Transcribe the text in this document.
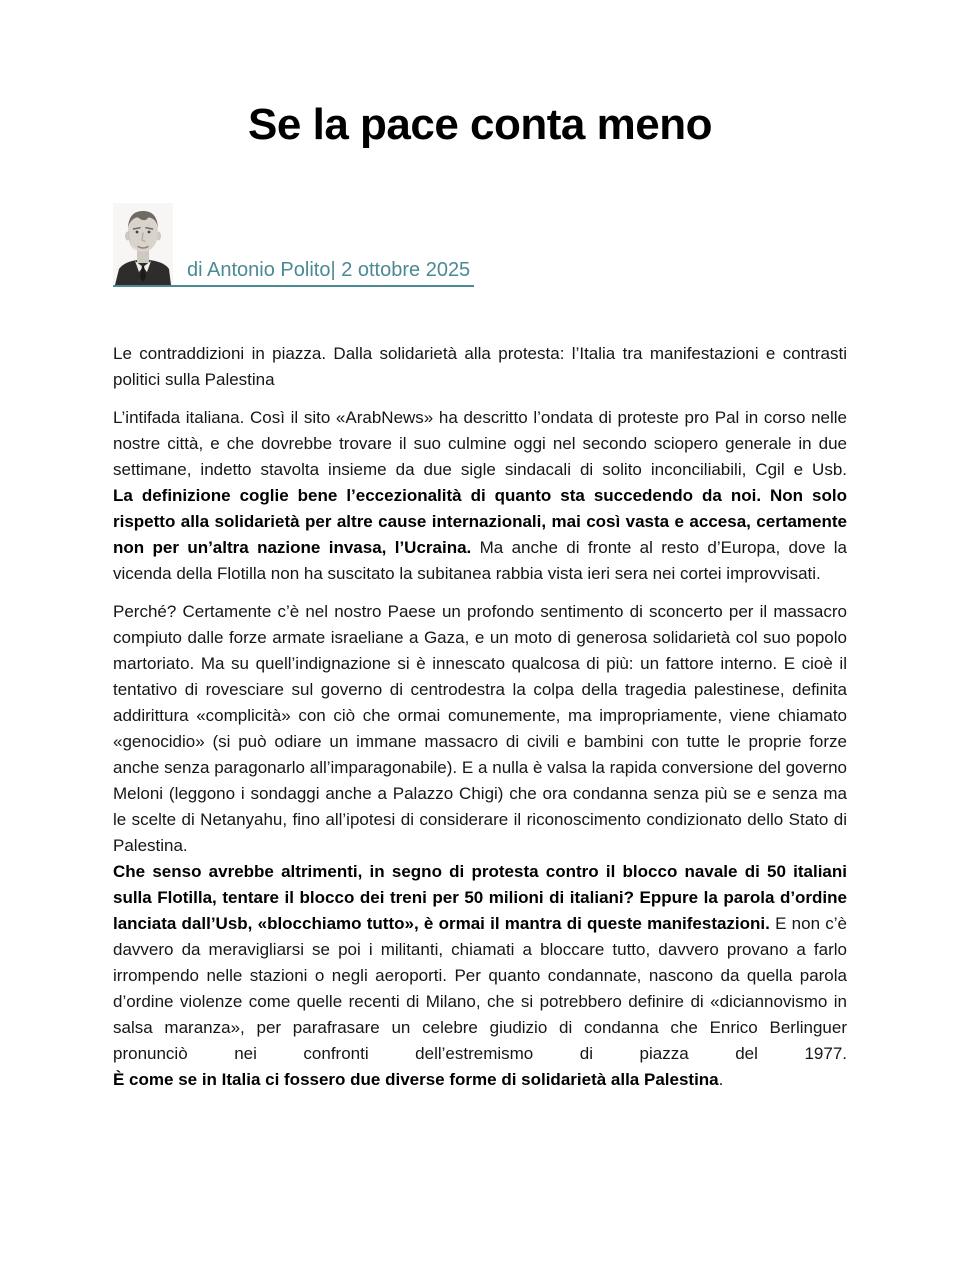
Se la pace conta meno
di Antonio Polito| 2 ottobre 2025

Le contraddizioni in piazza. Dalla solidarietà alla protesta: l’Italia tra manifestazioni e contrasti politici sulla Palestina

L’intifada italiana. Così il sito «ArabNews» ha descritto l’ondata di proteste pro Pal in corso nelle nostre città, e che dovrebbe trovare il suo culmine oggi nel secondo sciopero generale in due settimane, indetto stavolta insieme da due sigle sindacali di solito inconciliabili, Cgil e Usb.

La definizione coglie bene l’eccezionalità di quanto sta succedendo da noi. Non solo rispetto alla solidarietà per altre cause internazionali, mai così vasta e accesa, certamente non per un’altra nazione invasa, l’Ucraina. Ma anche di fronte al resto d’Europa, dove la vicenda della Flotilla non ha suscitato la subitanea rabbia vista ieri sera nei cortei improvvisati.

Perché? Certamente c’è nel nostro Paese un profondo sentimento di sconcerto per il massacro compiuto dalle forze armate israeliane a Gaza, e un moto di generosa solidarietà col suo popolo martoriato. Ma su quell’indignazione si è innescato qualcosa di più: un fattore interno. E cioè il tentativo di rovesciare sul governo di centrodestra la colpa della tragedia palestinese, definita addirittura «complicità» con ciò che ormai comunemente, ma impropriamente, viene chiamato «genocidio» (si può odiare un immane massacro di civili e bambini con tutte le proprie forze anche senza paragonarlo all’imparagonabile). E a nulla è valsa la rapida conversione del governo Meloni (leggono i sondaggi anche a Palazzo Chigi) che ora condanna senza più se e senza ma le scelte di Netanyahu, fino all’ipotesi di considerare il riconoscimento condizionato dello Stato di Palestina.

Che senso avrebbe altrimenti, in segno di protesta contro il blocco navale di 50 italiani sulla Flotilla, tentare il blocco dei treni per 50 milioni di italiani? Eppure la parola d’ordine lanciata dall’Usb, «blocchiamo tutto», è ormai il mantra di queste manifestazioni. E non c’è davvero da meravigliarsi se poi i militanti, chiamati a bloccare tutto, davvero provano a farlo irrompendo nelle stazioni o negli aeroporti. Per quanto condannate, nascono da quella parola d’ordine violenze come quelle recenti di Milano, che si potrebbero definire di «diciannovismo in salsa maranza», per parafrasare un celebre giudizio di condanna che Enrico Berlinguer pronunciò nei confronti dell’estremismo di piazza del 1977.

È come se in Italia ci fossero due diverse forme di solidarietà alla Palestina.
